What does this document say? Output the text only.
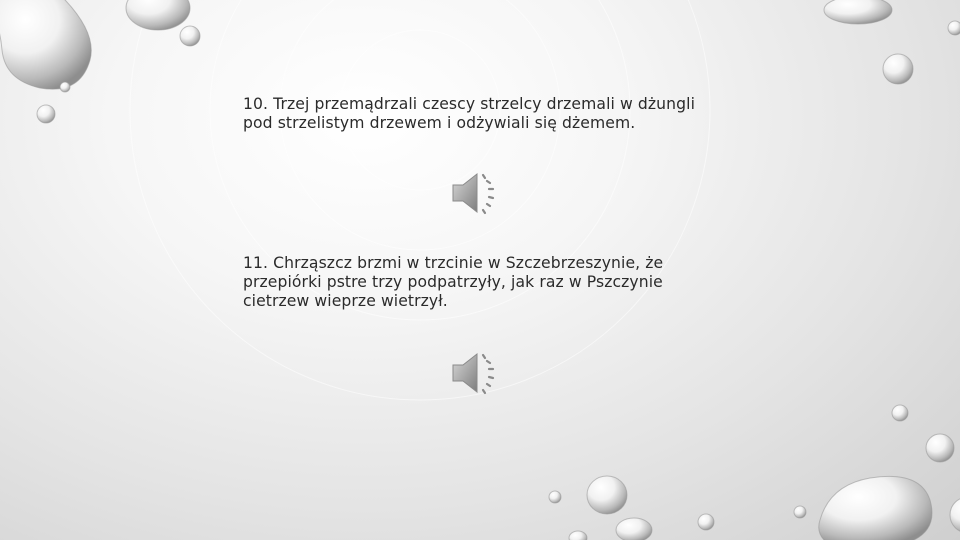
10. Trzej przemądrzali czescy strzelcy drzemali w dżungli pod strzelistym drzewem i odżywiali się dżemem.
11. Chrząszcz brzmi w trzcinie w Szczebrzeszynie, że przepiórki pstre trzy podpatrzyły, jak raz w Pszczynie cietrzew wieprze wietrzył.
